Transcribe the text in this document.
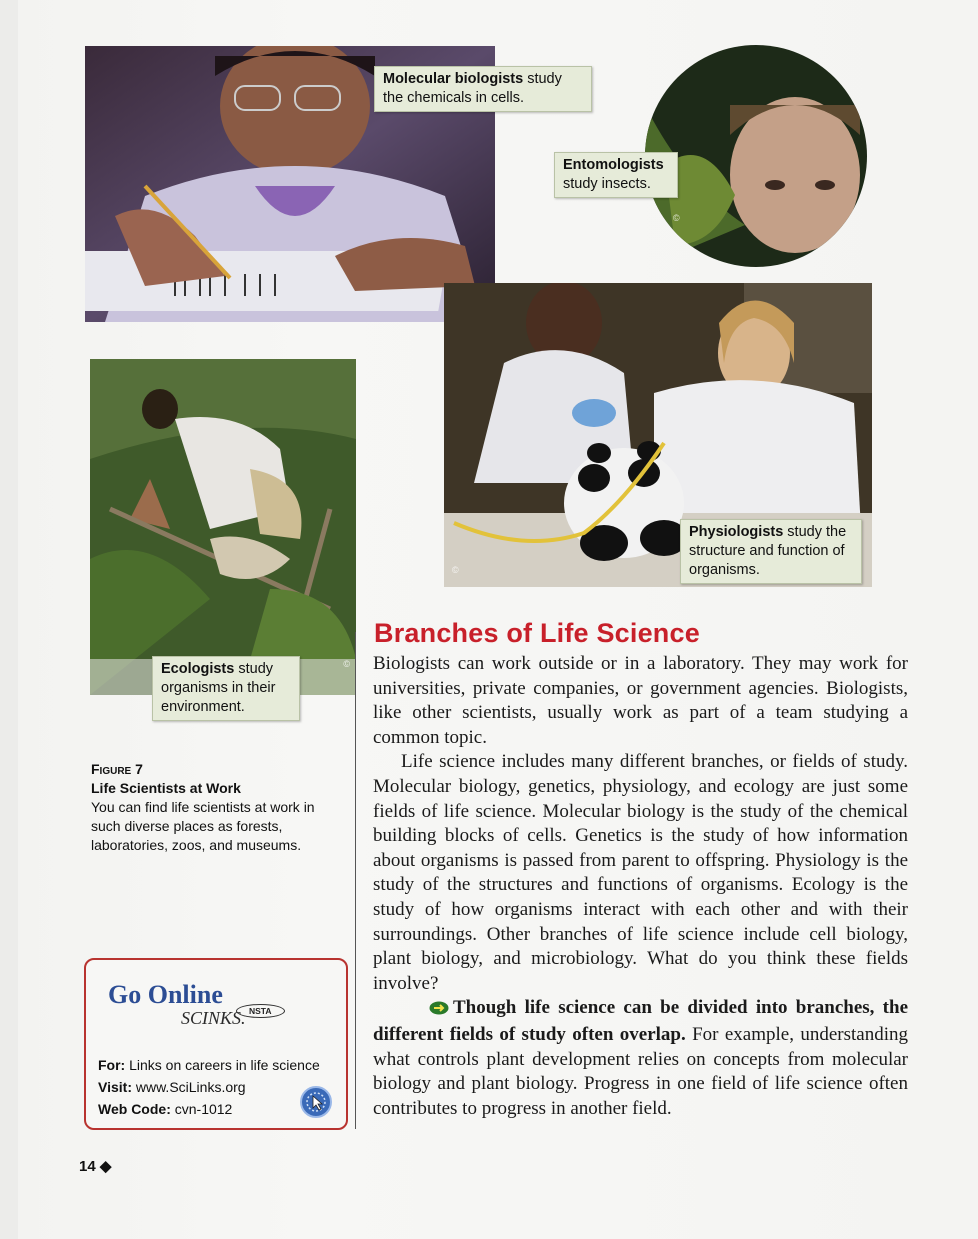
Molecular biologists study the chemicals in cells.
©
Entomologists study insects.
©
Physiologists study the structure and function of organisms.
©
Ecologists study organisms in their environment.
Figure 7
Life Scientists at Work
You can find life scientists at work in such diverse places as forests, laboratories, zoos, and museums.
Branches of Life Science

Biologists can work outside or in a laboratory. They may work for universities, private companies, or government agencies. Biologists, like other scientists, usually work as part of a team studying a common topic.

Life science includes many different branches, or fields of study. Molecular biology, genetics, physiology, and ecology are just some fields of life science. Molecular biology is the study of the chemical building blocks of cells. Genetics is the study of how information about organisms is passed from parent to offspring. Physiology is the study of the structures and functions of organisms. Ecology is the study of how organisms interact with each other and with their surroundings. Other branches of life science include cell biology, plant biology, and microbiology. What do you think these fields involve?

Though life science can be divided into branches, the different fields of study often overlap. For example, understanding what controls plant development relies on concepts from molecular biology and plant biology. Progress in one field of life science often contributes to progress in another field.

Go Online
SCINKS. NSTA
For: Links on careers in life science
Visit: www.SciLinks.org
Web Code: cvn-1012
14 ◆
